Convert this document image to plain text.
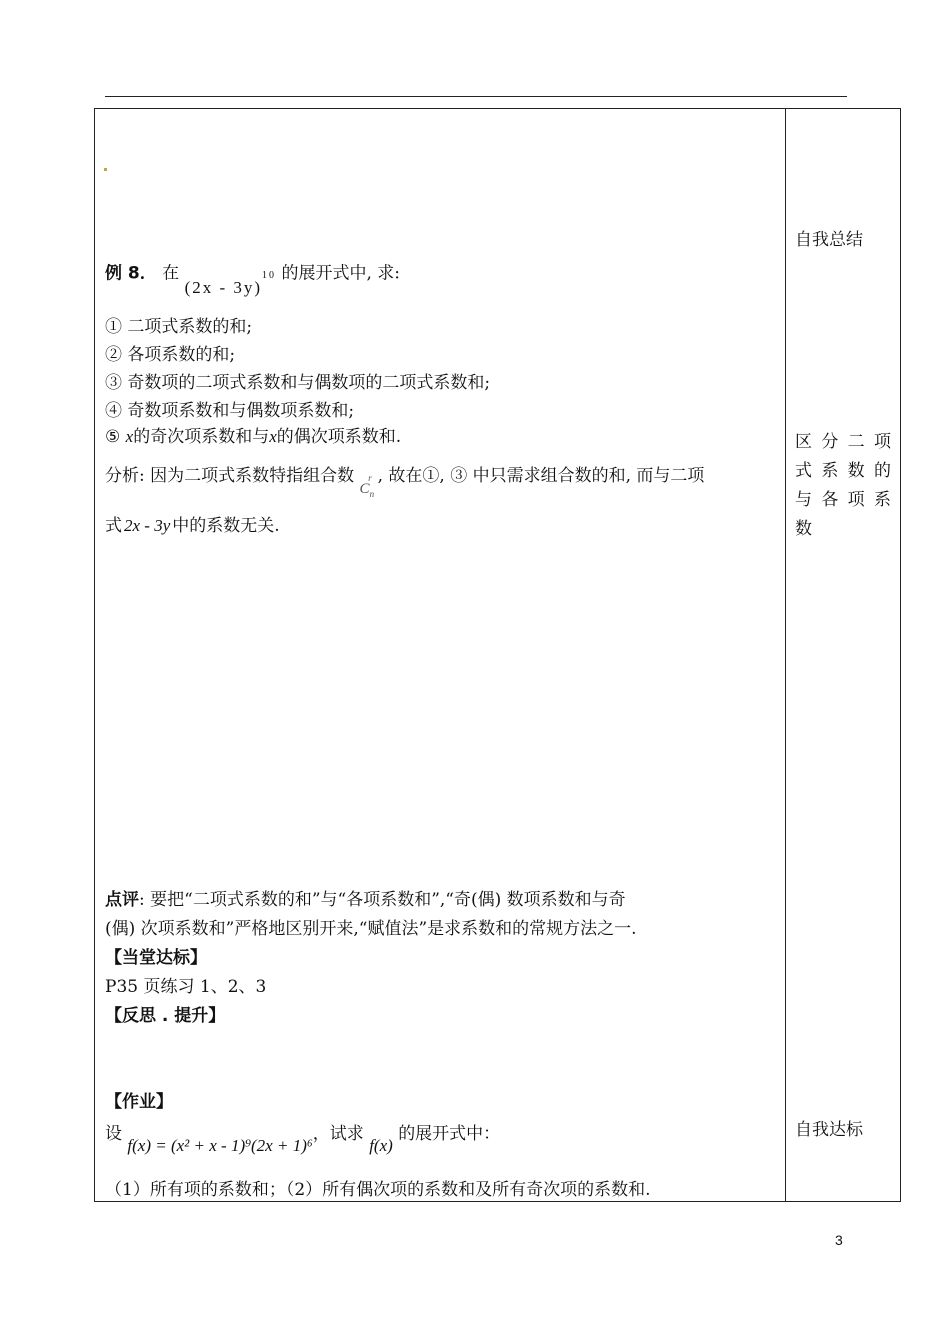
例 8． 在 (2x - 3y)$^{10}$ 的展开式中, 求:
① 二项式系数的和;
② 各项系数的和;
③ 奇数项的二项式系数和与偶数项的二项式系数和;
④ 奇数项系数和与偶数项系数和;
⑤ x的奇次项系数和与x的偶次项系数和.
分析: 因为二项式系数特指组合数 $C_n^r$ , 故在①, ③ 中只需求组合数的和, 而与二项
式 2x - 3y 中的系数无关.
点评: 要把“二项式系数的和”与“各项系数和”,“奇(偶) 数项系数和与奇
(偶) 次项系数和”严格地区别开来,“赋值法”是求系数和的常规方法之一.
【当堂达标】
P35 页练习 1、2、3
【反思 . 提升】
【作业】
设 f(x) = (x² + x - 1)⁹(2x + 1)⁶，试求 f(x) 的展开式中：
（1）所有项的系数和；（2）所有偶次项的系数和及所有奇次项的系数和.
自我总结
区 分 二 项
式 系 数 的
与 各 项 系
数
自我达标
3
